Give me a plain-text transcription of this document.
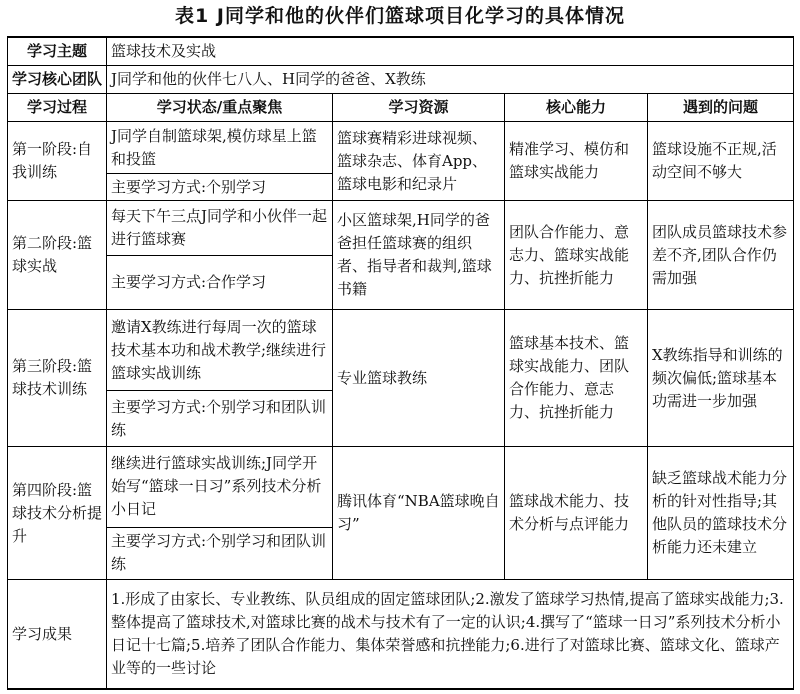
表1 J同学和他的伙伴们篮球项目化学习的具体情况
学习主题	篮球技术及实战			
学习核心团队	J同学和他的伙伴七八人、H同学的爸爸、X教练			
学习过程	学习状态/重点聚焦	学习资源	核心能力	遇到的问题
第一阶段:自我训练	J同学自制篮球架,模仿球星上篮和投篮	篮球赛精彩进球视频、篮球杂志、体育App、篮球电影和纪录片	精准学习、模仿和篮球实战能力	篮球设施不正规,活动空间不够大
	主要学习方式:个别学习			
第二阶段:篮球实战	每天下午三点J同学和小伙伴一起进行篮球赛	小区篮球架,H同学的爸爸担任篮球赛的组织者、指导者和裁判,篮球书籍	团队合作能力、意志力、篮球实战能力、抗挫折能力	团队成员篮球技术参差不齐,团队合作仍需加强
	主要学习方式:合作学习			
第三阶段:篮球技术训练	邀请X教练进行每周一次的篮球技术基本功和战术教学;继续进行篮球实战训练	专业篮球教练	篮球基本技术、篮球实战能力、团队合作能力、意志力、抗挫折能力	X教练指导和训练的频次偏低;篮球基本功需进一步加强
	主要学习方式:个别学习和团队训练			
第四阶段:篮球技术分析提升	继续进行篮球实战训练;J同学开始写“篮球一日习”系列技术分析小日记	腾讯体育“NBA篮球晚自习”	篮球战术能力、技术分析与点评能力	缺乏篮球战术能力分析的针对性指导;其他队员的篮球技术分析能力还未建立
	主要学习方式:个别学习和团队训练			
学习成果	1.形成了由家长、专业教练、队员组成的固定篮球团队;2.激发了篮球学习热情,提高了篮球实战能力;3.整体提高了篮球技术,对篮球比赛的战术与技术有了一定的认识;4.撰写了“篮球一日习”系列技术分析小日记十七篇;5.培养了团队合作能力、集体荣誉感和抗挫能力;6.进行了对篮球比赛、篮球文化、篮球产业等的一些讨论			
